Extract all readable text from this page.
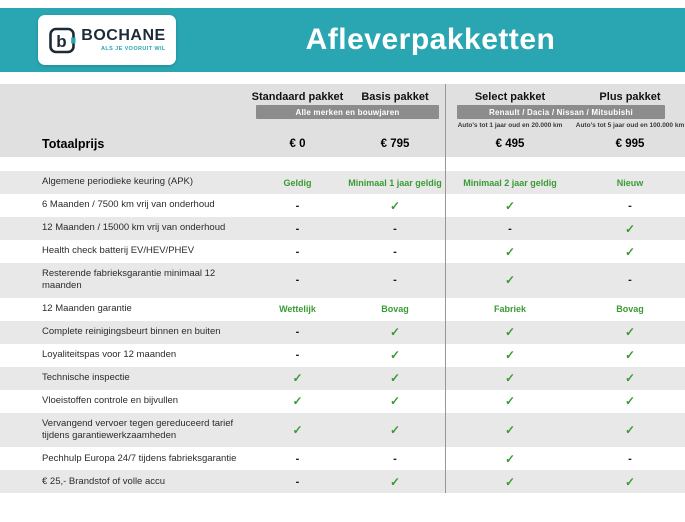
b BOCHANE
ALS JE VOORUIT WIL	Afleverpakketten
Standaard pakket	Basis pakket	Select pakket	Plus pakket
Alle merken en bouwjaren	Renault / Dacia / Nissan / Mitsubishi
Auto's tot 1 jaar oud en 20.000 km	Auto's tot 5 jaar oud en 100.000 km
Totaalprijs	€ 0	€ 795	€ 495	€ 995
Algemene periodieke keuring (APK)	Geldig	Minimaal 1 jaar geldig	Minimaal 2 jaar geldig	Nieuw
6 Maanden / 7500 km vrij van onderhoud	-	✓	✓	-
12 Maanden / 15000 km vrij van onderhoud	-	-	-	✓
Health check batterij EV/HEV/PHEV	-	-	✓	✓
Resterende fabrieksgarantie minimaal 12 maanden	-	-	✓	-
12 Maanden garantie	Wettelijk	Bovag	Fabriek	Bovag
Complete reinigingsbeurt binnen en buiten	-	✓	✓	✓
Loyaliteitspas voor 12 maanden	-	✓	✓	✓
Technische inspectie	✓	✓	✓	✓
Vloeistoffen controle en bijvullen	✓	✓	✓	✓
Vervangend vervoer tegen gereduceerd tarief tijdens garantiewerkzaamheden	✓	✓	✓	✓
Pechhulp Europa 24/7 tijdens fabrieksgarantie	-	-	✓	-
€ 25,- Brandstof of volle accu	-	✓	✓	✓
